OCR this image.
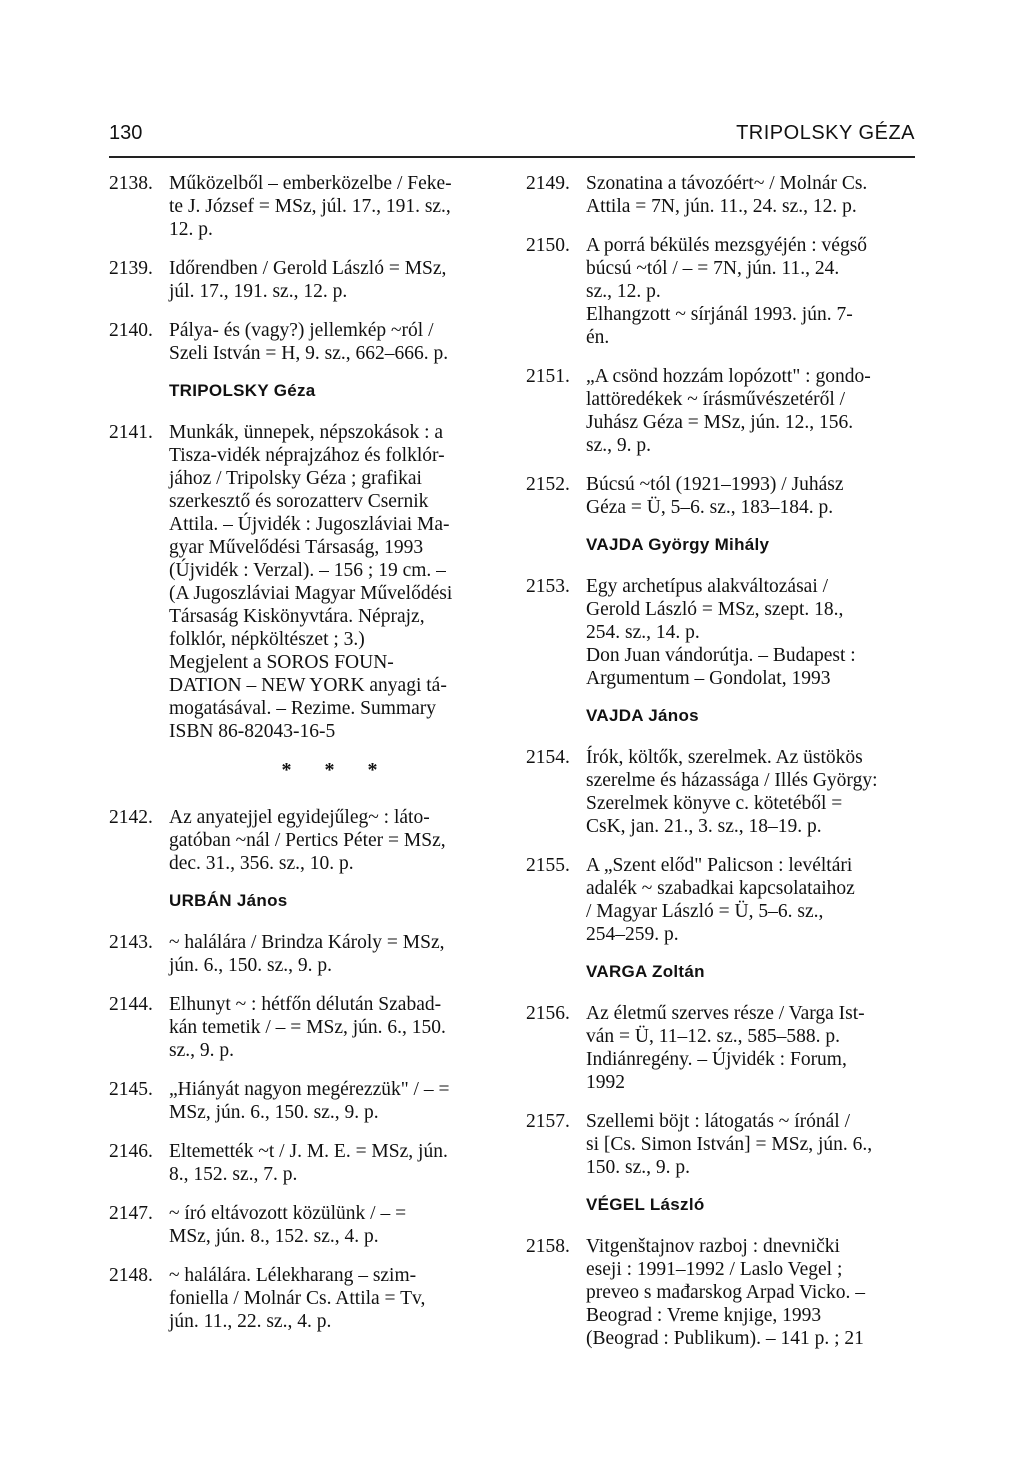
130	TRIPOLSKY GÉZA
2138. Műközelből – emberközelbe / Feke-
te J. József = MSz, júl. 17., 191. sz.,
12. p.
2139. Időrendben / Gerold László = MSz,
júl. 17., 191. sz., 12. p.
2140. Pálya- és (vagy?) jellemkép ~ról /
Szeli István = H, 9. sz., 662–666. p.
TRIPOLSKY Géza
2141. Munkák, ünnepek, népszokások : a
Tisza-vidék néprajzához és folklór-
jához / Tripolsky Géza ; grafikai
szerkesztő és sorozatterv Csernik
Attila. – Újvidék : Jugoszláviai Ma-
gyar Művelődési Társaság, 1993
(Újvidék : Verzal). – 156 ; 19 cm. –
(A Jugoszláviai Magyar Művelődési
Társaság Kiskönyvtára. Néprajz,
folklór, népköltészet ; 3.)
Megjelent a SOROS FOUN-
DATION – NEW YORK anyagi tá-
mogatásával. – Rezime. Summary
ISBN 86-82043-16-5
* * *
2142. Az anyatejjel egyidejűleg~ : láto-
gatóban ~nál / Pertics Péter = MSz,
dec. 31., 356. sz., 10. p.
URBÁN János
2143. ~ halálára / Brindza Károly = MSz,
jún. 6., 150. sz., 9. p.
2144. Elhunyt ~ : hétfőn délután Szabad-
kán temetik / – = MSz, jún. 6., 150.
sz., 9. p.
2145. „Hiányát nagyon megérezzük" / – =
MSz, jún. 6., 150. sz., 9. p.
2146. Eltemették ~t / J. M. E. = MSz, jún.
8., 152. sz., 7. p.
2147. ~ író eltávozott közülünk / – =
MSz, jún. 8., 152. sz., 4. p.
2148. ~ halálára. Lélekharang – szim-
foniella / Molnár Cs. Attila = Tv,
jún. 11., 22. sz., 4. p.
2149. Szonatina a távozóért~ / Molnár Cs.
Attila = 7N, jún. 11., 24. sz., 12. p.
2150. A porrá békülés mezsgyéjén : végső
búcsú ~tól / – = 7N, jún. 11., 24.
sz., 12. p.
Elhangzott ~ sírjánál 1993. jún. 7-
én.
2151. „A csönd hozzám lopózott" : gondo-
lattöredékek ~ írásművészetéről /
Juhász Géza = MSz, jún. 12., 156.
sz., 9. p.
2152. Búcsú ~tól (1921–1993) / Juhász
Géza = Ü, 5–6. sz., 183–184. p.
VAJDA György Mihály
2153. Egy archetípus alakváltozásai /
Gerold László = MSz, szept. 18.,
254. sz., 14. p.
Don Juan vándorútja. – Budapest :
Argumentum – Gondolat, 1993
VAJDA János
2154. Írók, költők, szerelmek. Az üstökös
szerelme és házassága / Illés György:
Szerelmek könyve c. kötetéből =
CsK, jan. 21., 3. sz., 18–19. p.
2155. A „Szent előd" Palicson : levéltári
adalék ~ szabadkai kapcsolataihoz
/ Magyar László = Ü, 5–6. sz.,
254–259. p.
VARGA Zoltán
2156. Az életmű szerves része / Varga Ist-
ván = Ü, 11–12. sz., 585–588. p.
Indiánregény. – Újvidék : Forum,
1992
2157. Szellemi böjt : látogatás ~ írónál /
si [Cs. Simon István] = MSz, jún. 6.,
150. sz., 9. p.
VÉGEL László
2158. Vitgenštajnov razboj : dnevnički
eseji : 1991–1992 / Laslo Vegel ;
preveo s mađarskog Arpad Vicko. –
Beograd : Vreme knjige, 1993
(Beograd : Publikum). – 141 p. ; 21
